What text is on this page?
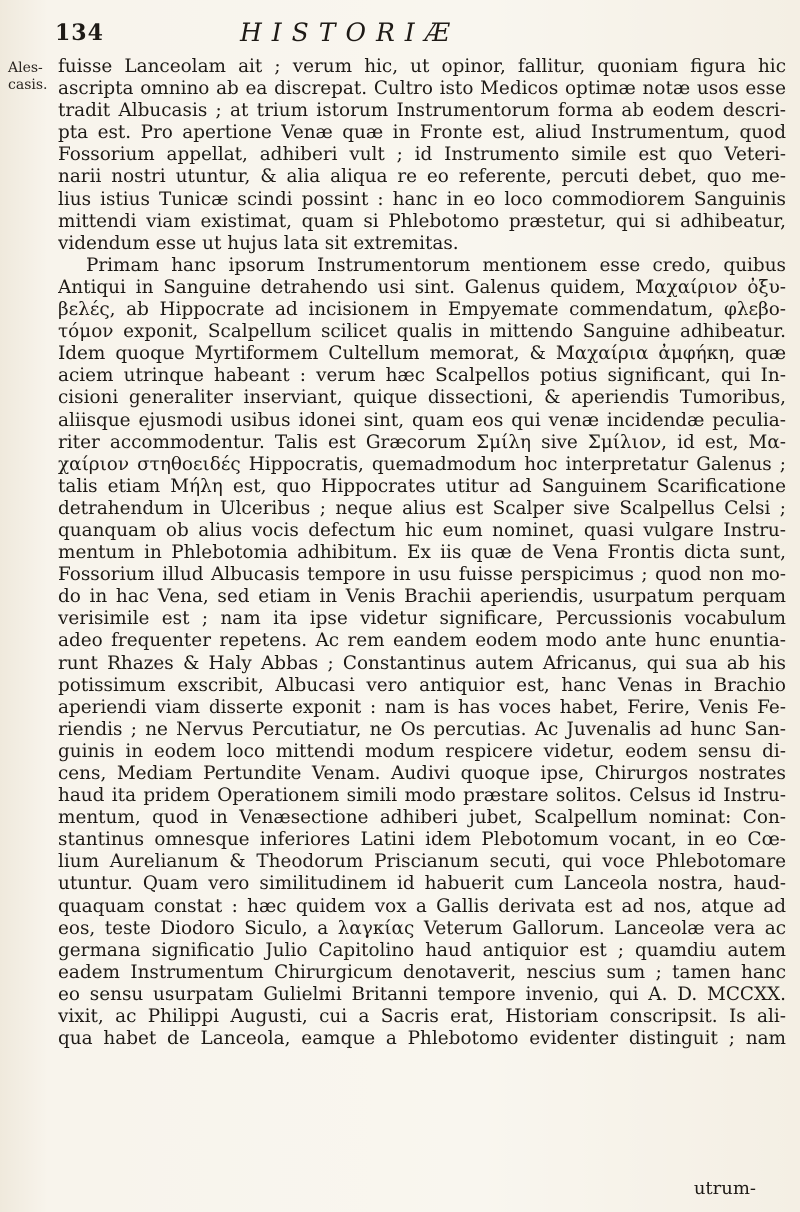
134	HISTORIÆ
Ales-
casis.
fuisse Lanceolam ait ; verum hic, ut opinor, fallitur, quoniam figura hic
ascripta omnino ab ea discrepat. Cultro isto Medicos optimæ notæ usos esse
tradit Albucasis ; at trium istorum Instrumentorum forma ab eodem descri-
pta est. Pro apertione Venæ quæ in Fronte est, aliud Instrumentum, quod
Fossorium appellat, adhiberi vult ; id Instrumento simile est quo Veteri-
narii nostri utuntur, & alia aliqua re eo referente, percuti debet, quo me-
lius istius Tunicæ scindi possint : hanc in eo loco commodiorem Sanguinis
mittendi viam existimat, quam si Phlebotomo præstetur, qui si adhibeatur,
videndum esse ut hujus lata sit extremitas.
Primam hanc ipsorum Instrumentorum mentionem esse credo, quibus
Antiqui in Sanguine detrahendo usi sint. Galenus quidem, Μαχαίριον ὀξυ-
βελές, ab Hippocrate ad incisionem in Empyemate commendatum, φλεβο-
τόμον exponit, Scalpellum scilicet qualis in mittendo Sanguine adhibeatur.
Idem quoque Myrtiformem Cultellum memorat, & Μαχαίρια ἀμφήκη, quæ
aciem utrinque habeant : verum hæc Scalpellos potius significant, qui In-
cisioni generaliter inserviant, quique dissectioni, & aperiendis Tumoribus,
aliisque ejusmodi usibus idonei sint, quam eos qui venæ incidendæ peculia-
riter accommodentur. Talis est Græcorum Σμίλη sive Σμίλιον, id est, Μα-
χαίριον στηθοειδές Hippocratis, quemadmodum hoc interpretatur Galenus ;
talis etiam Μήλη est, quo Hippocrates utitur ad Sanguinem Scarificatione
detrahendum in Ulceribus ; neque alius est Scalper sive Scalpellus Celsi ;
quanquam ob alius vocis defectum hic eum nominet, quasi vulgare Instru-
mentum in Phlebotomia adhibitum. Ex iis quæ de Vena Frontis dicta sunt,
Fossorium illud Albucasis tempore in usu fuisse perspicimus ; quod non mo-
do in hac Vena, sed etiam in Venis Brachii aperiendis, usurpatum perquam
verisimile est ; nam ita ipse videtur significare, Percussionis vocabulum
adeo frequenter repetens. Ac rem eandem eodem modo ante hunc enuntia-
runt Rhazes & Haly Abbas ; Constantinus autem Africanus, qui sua ab his
potissimum exscribit, Albucasi vero antiquior est, hanc Venas in Brachio
aperiendi viam disserte exponit : nam is has voces habet, Ferire, Venis Fe-
riendis ; ne Nervus Percutiatur, ne Os percutias. Ac Juvenalis ad hunc San-
guinis in eodem loco mittendi modum respicere videtur, eodem sensu di-
cens, Mediam Pertundite Venam. Audivi quoque ipse, Chirurgos nostrates
haud ita pridem Operationem simili modo præstare solitos. Celsus id Instru-
mentum, quod in Venæsectione adhiberi jubet, Scalpellum nominat: Con-
stantinus omnesque inferiores Latini idem Plebotomum vocant, in eo Cœ-
lium Aurelianum & Theodorum Priscianum secuti, qui voce Phlebotomare
utuntur. Quam vero similitudinem id habuerit cum Lanceola nostra, haud-
quaquam constat : hæc quidem vox a Gallis derivata est ad nos, atque ad
eos, teste Diodoro Siculo, a λαγκίας Veterum Gallorum. Lanceolæ vera ac
germana significatio Julio Capitolino haud antiquior est ; quamdiu autem
eadem Instrumentum Chirurgicum denotaverit, nescius sum ; tamen hanc
eo sensu usurpatam Gulielmi Britanni tempore invenio, qui A. D. MCCXX.
vixit, ac Philippi Augusti, cui a Sacris erat, Historiam conscripsit. Is ali-
qua habet de Lanceola, eamque a Phlebotomo evidenter distinguit ; nam
utrum-
